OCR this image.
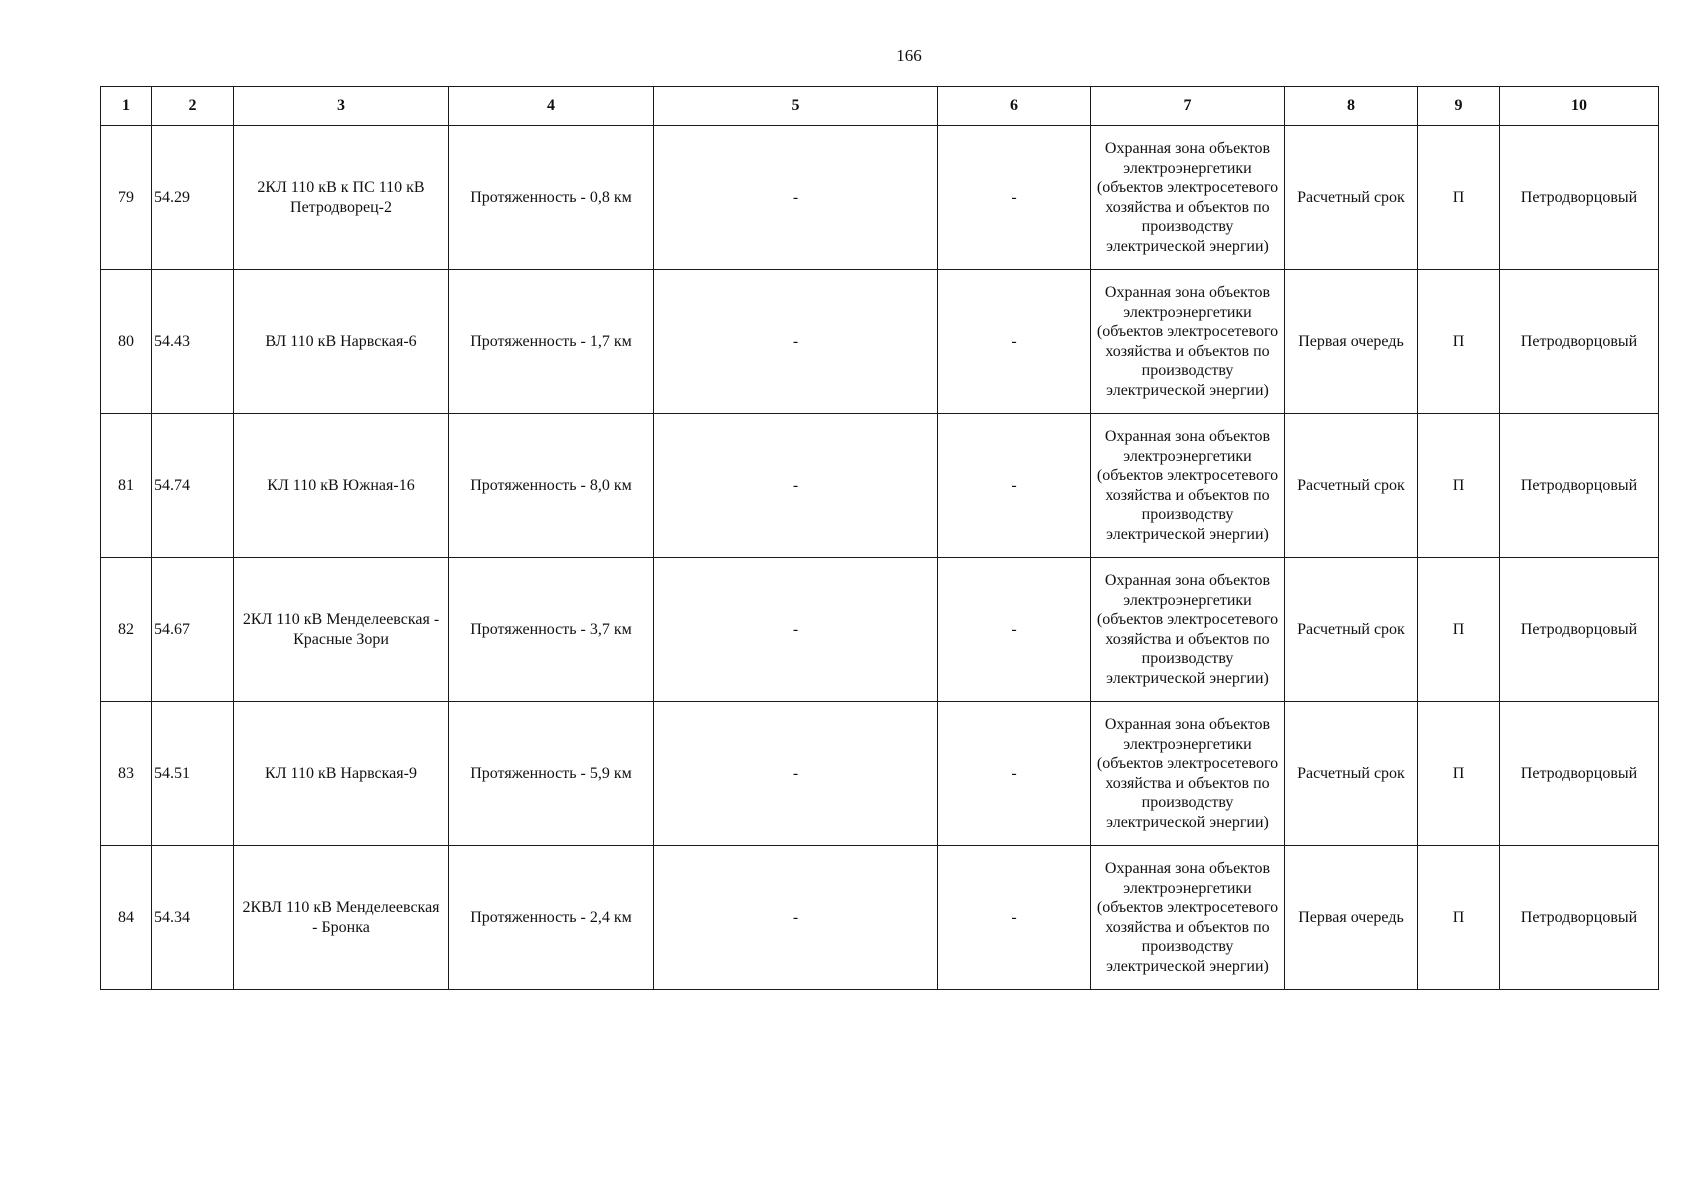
166
1	2	3	4	5	6	7	8	9	10
79	54.29	2КЛ 110 кВ к ПС 110 кВ Петродворец-2	Протяженность - 0,8 км	-	-	Охранная зона объектов электроэнергетики (объектов электросетевого хозяйства и объектов по производству электрической энергии)	Расчетный срок	П	Петродворцовый
80	54.43	ВЛ 110 кВ Нарвская-6	Протяженность - 1,7 км	-	-	Охранная зона объектов электроэнергетики (объектов электросетевого хозяйства и объектов по производству электрической энергии)	Первая очередь	П	Петродворцовый
81	54.74	КЛ 110 кВ Южная-16	Протяженность - 8,0 км	-	-	Охранная зона объектов электроэнергетики (объектов электросетевого хозяйства и объектов по производству электрической энергии)	Расчетный срок	П	Петродворцовый
82	54.67	2КЛ 110 кВ Менделеевская - Красные Зори	Протяженность - 3,7 км	-	-	Охранная зона объектов электроэнергетики (объектов электросетевого хозяйства и объектов по производству электрической энергии)	Расчетный срок	П	Петродворцовый
83	54.51	КЛ 110 кВ Нарвская-9	Протяженность - 5,9 км	-	-	Охранная зона объектов электроэнергетики (объектов электросетевого хозяйства и объектов по производству электрической энергии)	Расчетный срок	П	Петродворцовый
84	54.34	2КВЛ 110 кВ Менделеевская - Бронка	Протяженность - 2,4 км	-	-	Охранная зона объектов электроэнергетики (объектов электросетевого хозяйства и объектов по производству электрической энергии)	Первая очередь	П	Петродворцовый
